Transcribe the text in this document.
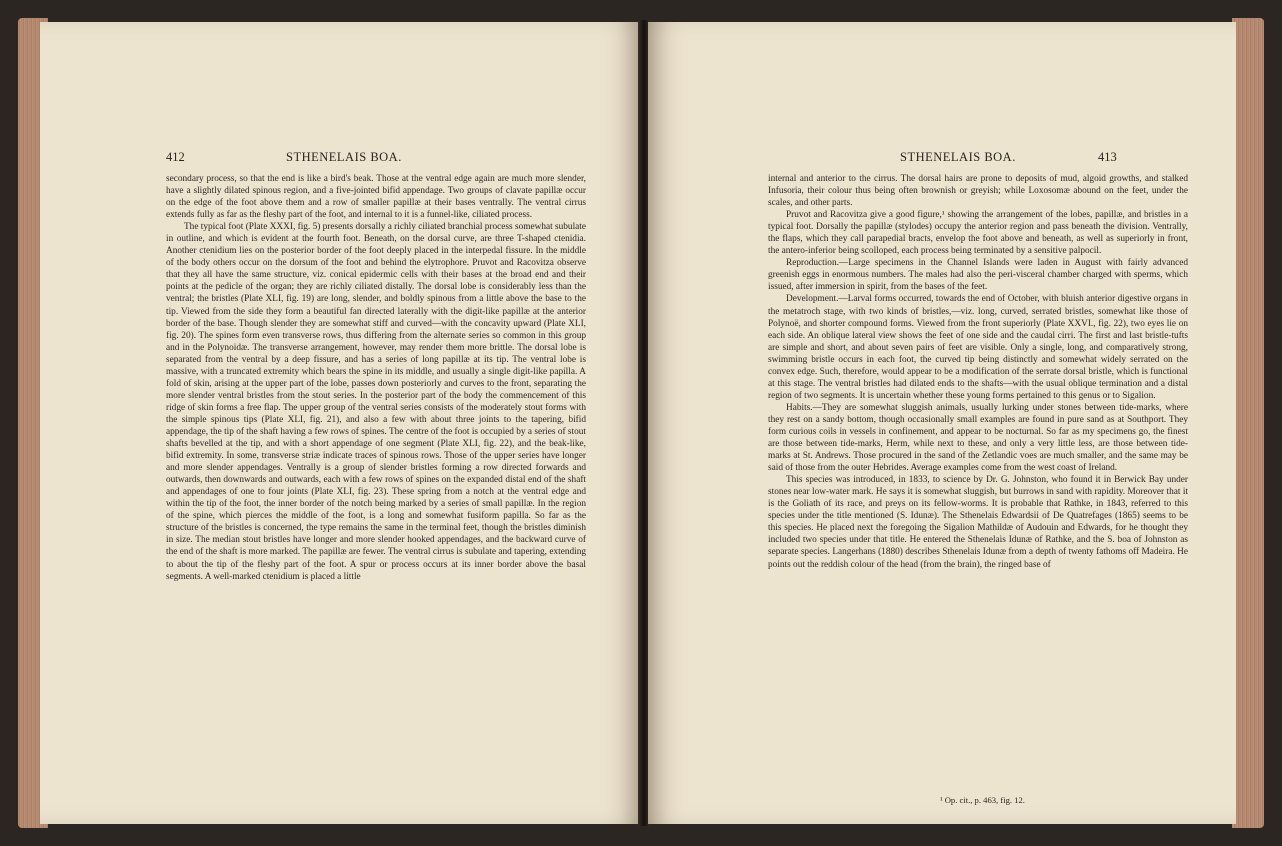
412	STHENELAIS BOA.

secondary process, so that the end is like a bird's beak. Those at the ventral edge again are much more slender, have a slightly dilated spinous region, and a five-jointed bifid appendage. Two groups of clavate papillæ occur on the edge of the foot above them and a row of smaller papillæ at their bases ventrally. The ventral cirrus extends fully as far as the fleshy part of the foot, and internal to it is a funnel-like, ciliated process.

The typical foot (Plate XXXI, fig. 5) presents dorsally a richly ciliated branchial process somewhat subulate in outline, and which is evident at the fourth foot. Beneath, on the dorsal curve, are three T-shaped ctenidia. Another ctenidium lies on the posterior border of the foot deeply placed in the interpedal fissure. In the middle of the body others occur on the dorsum of the foot and behind the elytrophore. Pruvot and Racovitza observe that they all have the same structure, viz. conical epidermic cells with their bases at the broad end and their points at the pedicle of the organ; they are richly ciliated distally. The dorsal lobe is considerably less than the ventral; the bristles (Plate XLI, fig. 19) are long, slender, and boldly spinous from a little above the base to the tip. Viewed from the side they form a beautiful fan directed laterally with the digit-like papillæ at the anterior border of the base. Though slender they are somewhat stiff and curved—with the concavity upward (Plate XLI, fig. 20). The spines form even transverse rows, thus differing from the alternate series so common in this group and in the Polynoidæ. The transverse arrangement, however, may render them more brittle. The dorsal lobe is separated from the ventral by a deep fissure, and has a series of long papillæ at its tip. The ventral lobe is massive, with a truncated extremity which bears the spine in its middle, and usually a single digit-like papilla. A fold of skin, arising at the upper part of the lobe, passes down posteriorly and curves to the front, separating the more slender ventral bristles from the stout series. In the posterior part of the body the commencement of this ridge of skin forms a free flap. The upper group of the ventral series consists of the moderately stout forms with the simple spinous tips (Plate XLI, fig. 21), and also a few with about three joints to the tapering, bifid appendage, the tip of the shaft having a few rows of spines. The centre of the foot is occupied by a series of stout shafts bevelled at the tip, and with a short appendage of one segment (Plate XLI, fig. 22), and the beak-like, bifid extremity. In some, transverse striæ indicate traces of spinous rows. Those of the upper series have longer and more slender appendages. Ventrally is a group of slender bristles forming a row directed forwards and outwards, then downwards and outwards, each with a few rows of spines on the expanded distal end of the shaft and appendages of one to four joints (Plate XLI, fig. 23). These spring from a notch at the ventral edge and within the tip of the foot, the inner border of the notch being marked by a series of small papillæ. In the region of the spine, which pierces the middle of the foot, is a long and somewhat fusiform papilla. So far as the structure of the bristles is concerned, the type remains the same in the terminal feet, though the bristles diminish in size. The median stout bristles have longer and more slender hooked appendages, and the backward curve of the end of the shaft is more marked. The papillæ are fewer. The ventral cirrus is subulate and tapering, extending to about the tip of the fleshy part of the foot. A spur or process occurs at its inner border above the basal segments. A well-marked ctenidium is placed a little

STHENELAIS BOA.	413

internal and anterior to the cirrus. The dorsal hairs are prone to deposits of mud, algoid growths, and stalked Infusoria, their colour thus being often brownish or greyish; while Loxosomæ abound on the feet, under the scales, and other parts.

Pruvot and Racovitza give a good figure,¹ showing the arrangement of the lobes, papillæ, and bristles in a typical foot. Dorsally the papillæ (stylodes) occupy the anterior region and pass beneath the division. Ventrally, the flaps, which they call parapedial bracts, envelop the foot above and beneath, as well as superiorly in front, the antero-inferior being scolloped, each process being terminated by a sensitive palpocil.

Reproduction.—Large specimens in the Channel Islands were laden in August with fairly advanced greenish eggs in enormous numbers. The males had also the peri-visceral chamber charged with sperms, which issued, after immersion in spirit, from the bases of the feet.

Development.—Larval forms occurred, towards the end of October, with bluish anterior digestive organs in the metatroch stage, with two kinds of bristles,—viz. long, curved, serrated bristles, somewhat like those of Polynoë, and shorter compound forms. Viewed from the front superiorly (Plate XXVI., fig. 22), two eyes lie on each side. An oblique lateral view shows the feet of one side and the caudal cirri. The first and last bristle-tufts are simple and short, and about seven pairs of feet are visible. Only a single, long, and comparatively strong, swimming bristle occurs in each foot, the curved tip being distinctly and somewhat widely serrated on the convex edge. Such, therefore, would appear to be a modification of the serrate dorsal bristle, which is functional at this stage. The ventral bristles had dilated ends to the shafts—with the usual oblique termination and a distal region of two segments. It is uncertain whether these young forms pertained to this genus or to Sigalion.

Habits.—They are somewhat sluggish animals, usually lurking under stones between tide-marks, where they rest on a sandy bottom, though occasionally small examples are found in pure sand as at Southport. They form curious coils in vessels in confinement, and appear to be nocturnal. So far as my specimens go, the finest are those between tide-marks, Herm, while next to these, and only a very little less, are those between tide-marks at St. Andrews. Those procured in the sand of the Zetlandic voes are much smaller, and the same may be said of those from the outer Hebrides. Average examples come from the west coast of Ireland.

This species was introduced, in 1833, to science by Dr. G. Johnston, who found it in Berwick Bay under stones near low-water mark. He says it is somewhat sluggish, but burrows in sand with rapidity. Moreover that it is the Goliath of its race, and preys on its fellow-worms. It is probable that Rathke, in 1843, referred to this species under the title mentioned (S. Idunæ). The Sthenelais Edwardsii of De Quatrefages (1865) seems to be this species. He placed next the foregoing the Sigalion Mathildæ of Audouin and Edwards, for he thought they included two species under that title. He entered the Sthenelais Idunæ of Rathke, and the S. boa of Johnston as separate species. Langerhans (1880) describes Sthenelais Idunæ from a depth of twenty fathoms off Madeira. He points out the reddish colour of the head (from the brain), the ringed base of

¹ Op. cit., p. 463, fig. 12.
